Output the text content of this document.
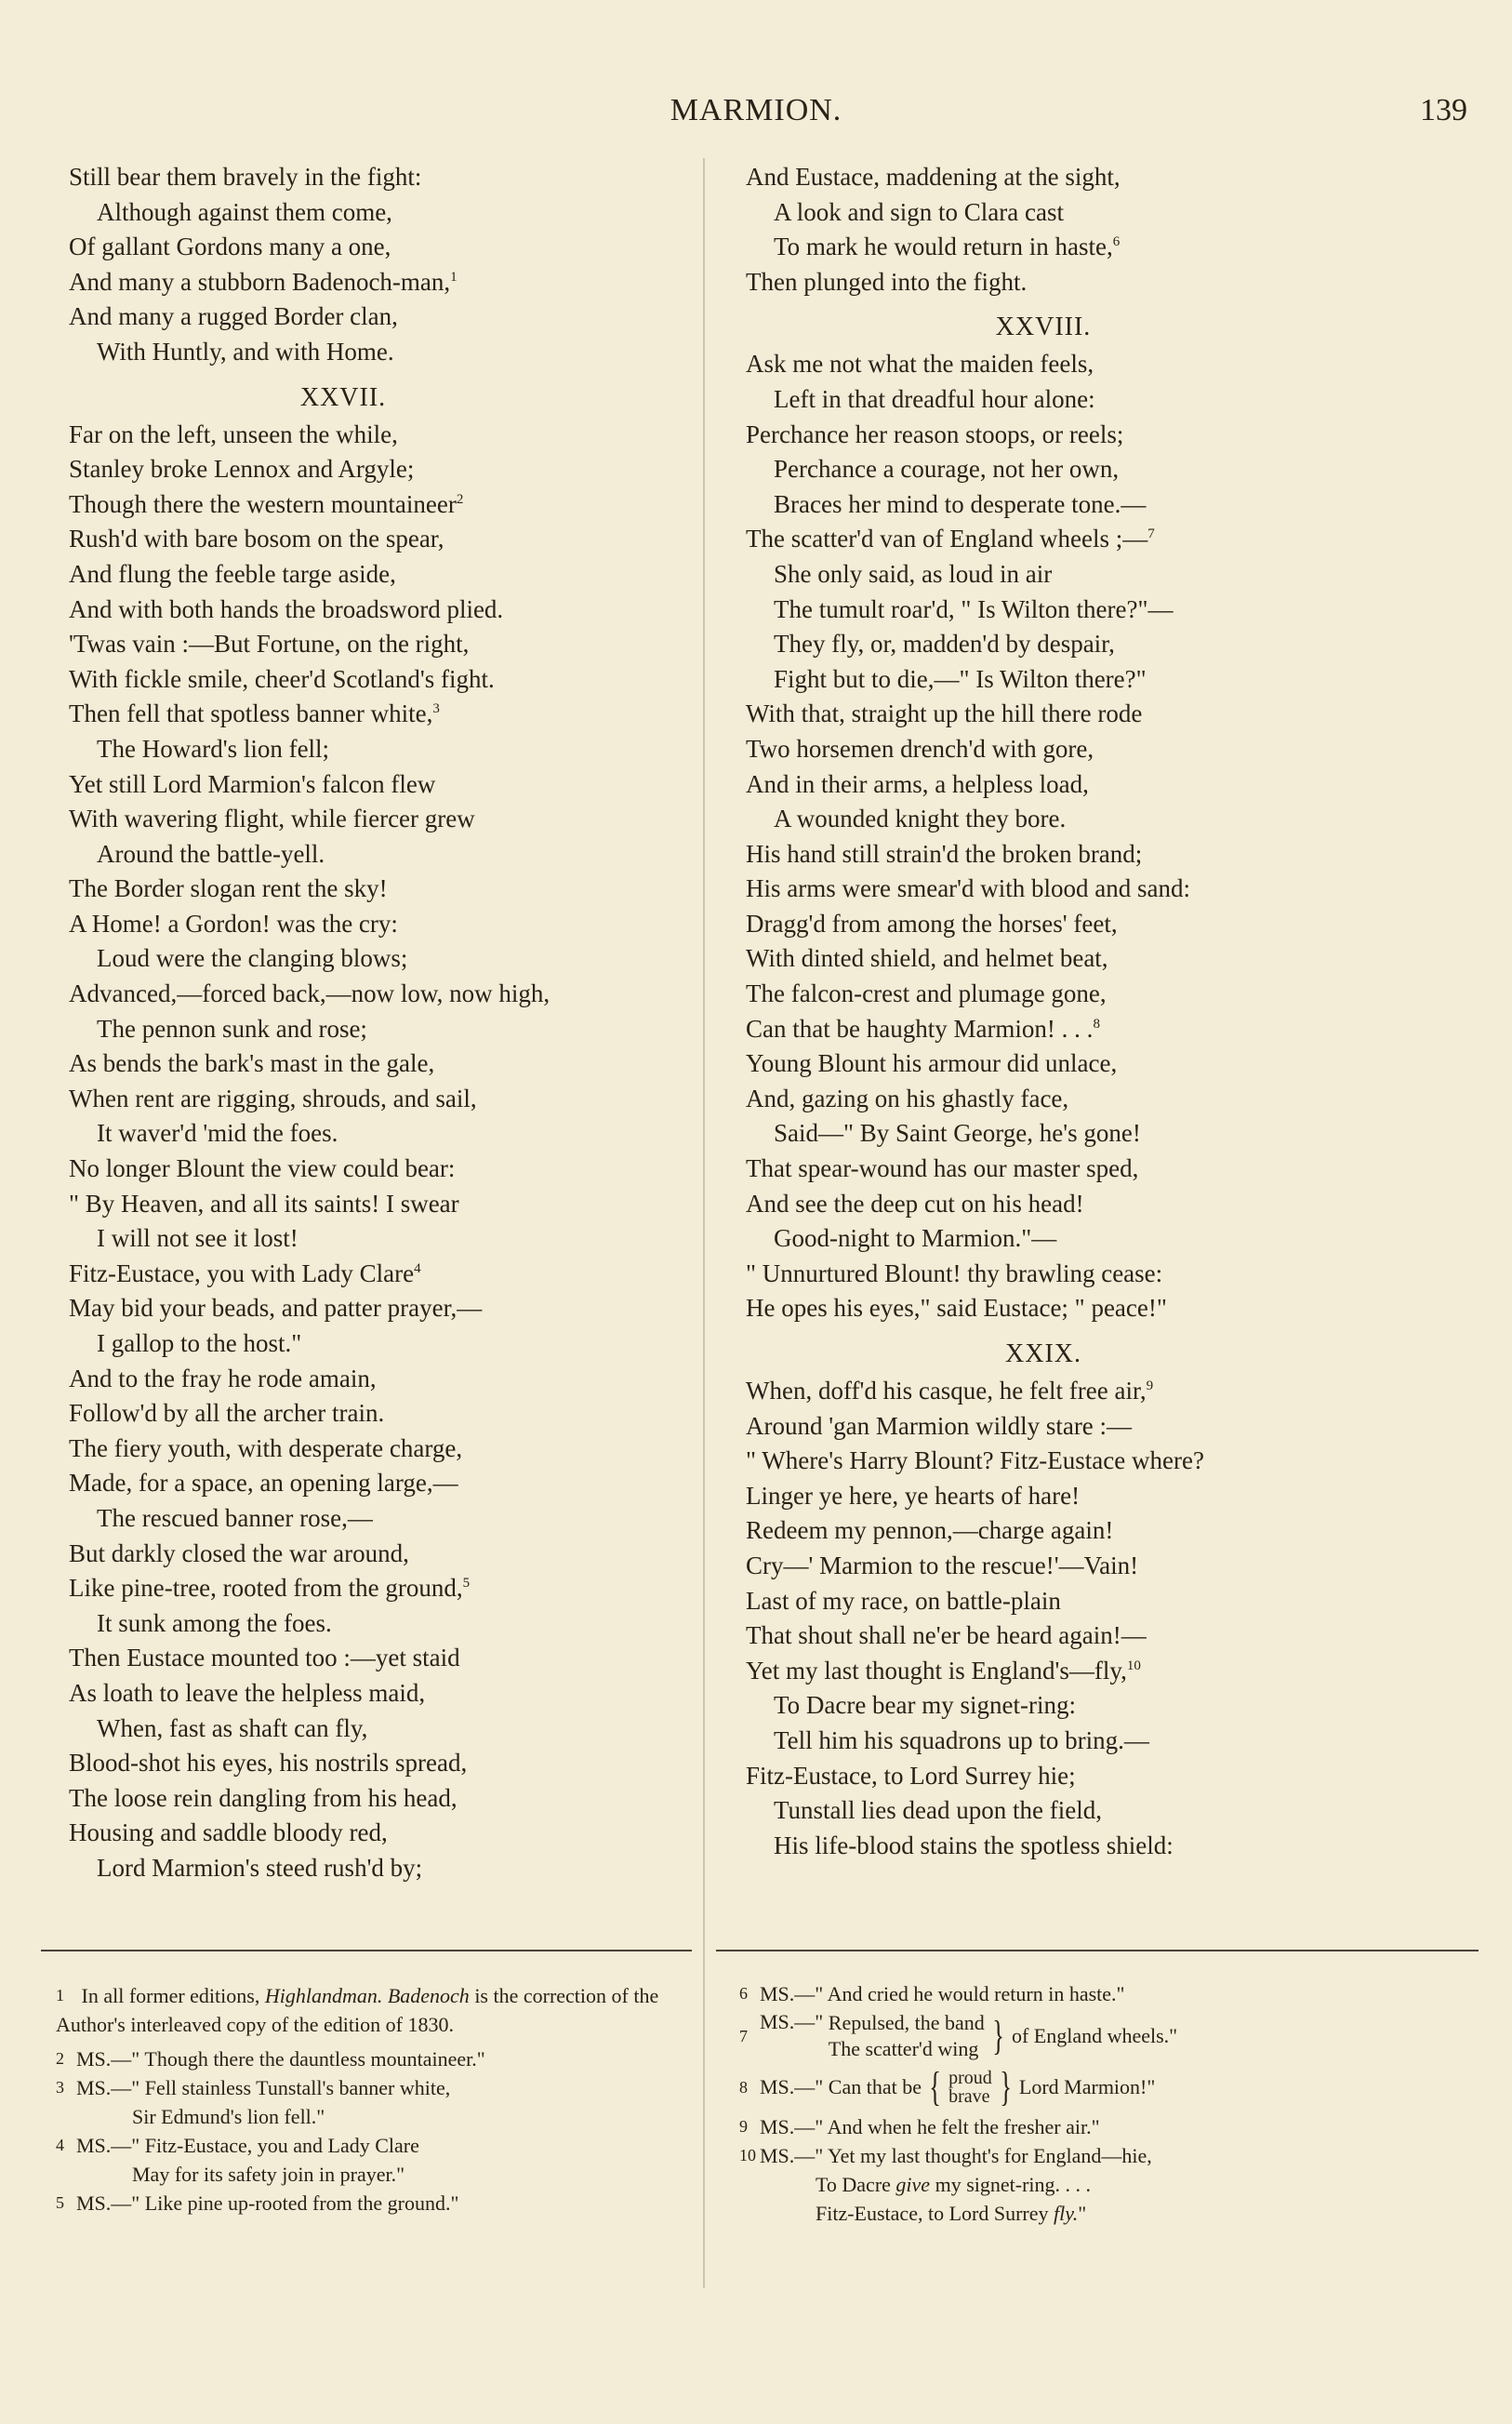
MARMION.	139
Still bear them bravely in the fight:
Although against them come,
Of gallant Gordons many a one,
And many a stubborn Badenoch-man,$^1$
And many a rugged Border clan,
With Huntly, and with Home.
XXVII.
Far on the left, unseen the while,
Stanley broke Lennox and Argyle;
Though there the western mountaineer$^2$
Rush'd with bare bosom on the spear,
And flung the feeble targe aside,
And with both hands the broadsword plied.
'Twas vain :—But Fortune, on the right,
With fickle smile, cheer'd Scotland's fight.
Then fell that spotless banner white,$^3$
The Howard's lion fell;
Yet still Lord Marmion's falcon flew
With wavering flight, while fiercer grew
Around the battle-yell.
The Border slogan rent the sky!
A Home! a Gordon! was the cry:
Loud were the clanging blows;
Advanced,—forced back,—now low, now high,
The pennon sunk and rose;
As bends the bark's mast in the gale,
When rent are rigging, shrouds, and sail,
It waver'd 'mid the foes.
No longer Blount the view could bear:
" By Heaven, and all its saints! I swear
I will not see it lost!
Fitz-Eustace, you with Lady Clare$^4$
May bid your beads, and patter prayer,—
I gallop to the host."
And to the fray he rode amain,
Follow'd by all the archer train.
The fiery youth, with desperate charge,
Made, for a space, an opening large,—
The rescued banner rose,—
But darkly closed the war around,
Like pine-tree, rooted from the ground,$^5$
It sunk among the foes.
Then Eustace mounted too :—yet staid
As loath to leave the helpless maid,
When, fast as shaft can fly,
Blood-shot his eyes, his nostrils spread,
The loose rein dangling from his head,
Housing and saddle bloody red,
Lord Marmion's steed rush'd by;
And Eustace, maddening at the sight,
A look and sign to Clara cast
To mark he would return in haste,$^6$
Then plunged into the fight.
XXVIII.
Ask me not what the maiden feels,
Left in that dreadful hour alone:
Perchance her reason stoops, or reels;
Perchance a courage, not her own,
Braces her mind to desperate tone.—
The scatter'd van of England wheels ;—$^7$
She only said, as loud in air
The tumult roar'd, " Is Wilton there?"—
They fly, or, madden'd by despair,
Fight but to die,—" Is Wilton there?"
With that, straight up the hill there rode
Two horsemen drench'd with gore,
And in their arms, a helpless load,
A wounded knight they bore.
His hand still strain'd the broken brand;
His arms were smear'd with blood and sand:
Dragg'd from among the horses' feet,
With dinted shield, and helmet beat,
The falcon-crest and plumage gone,
Can that be haughty Marmion! . . .$^8$
Young Blount his armour did unlace,
And, gazing on his ghastly face,
Said—" By Saint George, he's gone!
That spear-wound has our master sped,
And see the deep cut on his head!
Good-night to Marmion."—
" Unnurtured Blount! thy brawling cease:
He opes his eyes," said Eustace; " peace!"
XXIX.
When, doff'd his casque, he felt free air,$^9$
Around 'gan Marmion wildly stare :—
" Where's Harry Blount? Fitz-Eustace where?
Linger ye here, ye hearts of hare!
Redeem my pennon,—charge again!
Cry—' Marmion to the rescue!'—Vain!
Last of my race, on battle-plain
That shout shall ne'er be heard again!—
Yet my last thought is England's—fly,$^{10}$
To Dacre bear my signet-ring:
Tell him his squadrons up to bring.—
Fitz-Eustace, to Lord Surrey hie;
Tunstall lies dead upon the field,
His life-blood stains the spotless shield:
1 In all former editions, Highlandman. Badenoch is the correction of the Author's interleaved copy of the edition of 1830.
2 MS.—" Though there the dauntless mountaineer."
3 MS.—" Fell stainless Tunstall's banner white,
Sir Edmund's lion fell."
4 MS.—" Fitz-Eustace, you and Lady Clare
May for its safety join in prayer."
5 MS.—" Like pine up-rooted from the ground."
6 MS.—" And cried he would return in haste."
7
MS.—" Repulsed, the band
The scatter'd wing } of England wheels."
8 MS.—" Can that be { proud
brave } Lord Marmion!"
9 MS.—" And when he felt the fresher air."
10 MS.—" Yet my last thought's for England—hie,
To Dacre give my signet-ring. . . .
Fitz-Eustace, to Lord Surrey fly."
